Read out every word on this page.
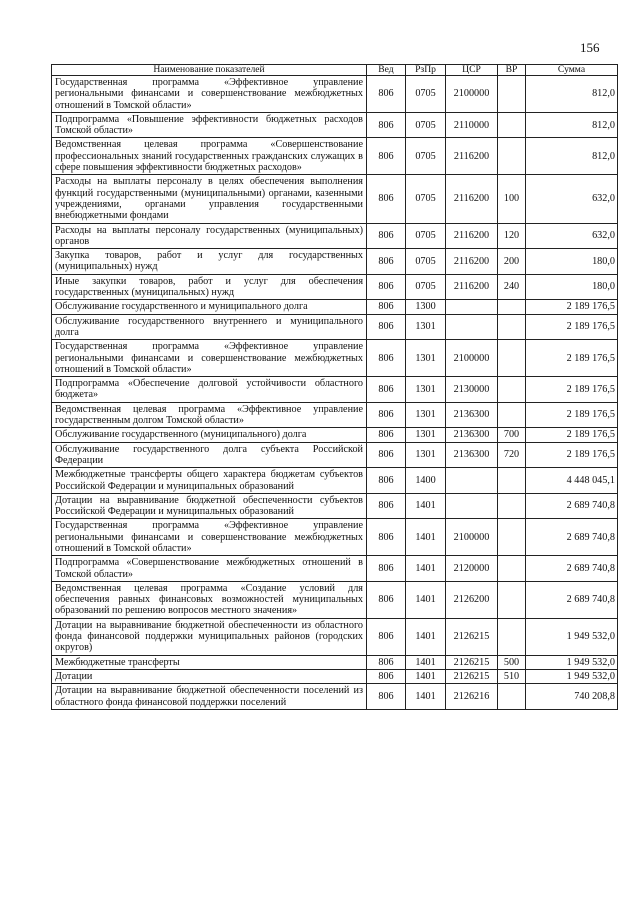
156
Наименование показателей	Вед	РзПр	ЦСР	ВР	Сумма
Государственная программа «Эффективное управление региональными финансами и совершенствование межбюджетных отношений в Томской области»	806	0705	2100000		812,0
Подпрограмма «Повышение эффективности бюджетных расходов Томской области»	806	0705	2110000		812,0
Ведомственная целевая программа «Совершенствование профессиональных знаний государственных гражданских служащих в сфере повышения эффективности бюджетных расходов»	806	0705	2116200		812,0
Расходы на выплаты персоналу в целях обеспечения выполнения функций государственными (муниципальными) органами, казенными учреждениями, органами управления государственными внебюджетными фондами	806	0705	2116200	100	632,0
Расходы на выплаты персоналу государственных (муниципальных) органов	806	0705	2116200	120	632,0
Закупка товаров, работ и услуг для государственных (муниципальных) нужд	806	0705	2116200	200	180,0
Иные закупки товаров, работ и услуг для обеспечения государственных (муниципальных) нужд	806	0705	2116200	240	180,0
Обслуживание государственного и муниципального долга	806	1300			2 189 176,5
Обслуживание государственного внутреннего и муниципального долга	806	1301			2 189 176,5
Государственная программа «Эффективное управление региональными финансами и совершенствование межбюджетных отношений в Томской области»	806	1301	2100000		2 189 176,5
Подпрограмма «Обеспечение долговой устойчивости областного бюджета»	806	1301	2130000		2 189 176,5
Ведомственная целевая программа «Эффективное управление государственным долгом Томской области»	806	1301	2136300		2 189 176,5
Обслуживание государственного (муниципального) долга	806	1301	2136300	700	2 189 176,5
Обслуживание государственного долга субъекта Российской Федерации	806	1301	2136300	720	2 189 176,5
Межбюджетные трансферты общего характера бюджетам субъектов Российской Федерации и муниципальных образований	806	1400			4 448 045,1
Дотации на выравнивание бюджетной обеспеченности субъектов Российской Федерации и муниципальных образований	806	1401			2 689 740,8
Государственная программа «Эффективное управление региональными финансами и совершенствование межбюджетных отношений в Томской области»	806	1401	2100000		2 689 740,8
Подпрограмма «Совершенствование межбюджетных отношений в Томской области»	806	1401	2120000		2 689 740,8
Ведомственная целевая программа «Создание условий для обеспечения равных финансовых возможностей муниципальных образований по решению вопросов местного значения»	806	1401	2126200		2 689 740,8
Дотации на выравнивание бюджетной обеспеченности из областного фонда финансовой поддержки муниципальных районов (городских округов)	806	1401	2126215		1 949 532,0
Межбюджетные трансферты	806	1401	2126215	500	1 949 532,0
Дотации	806	1401	2126215	510	1 949 532,0
Дотации на выравнивание бюджетной обеспеченности поселений из областного фонда финансовой поддержки поселений	806	1401	2126216		740 208,8
